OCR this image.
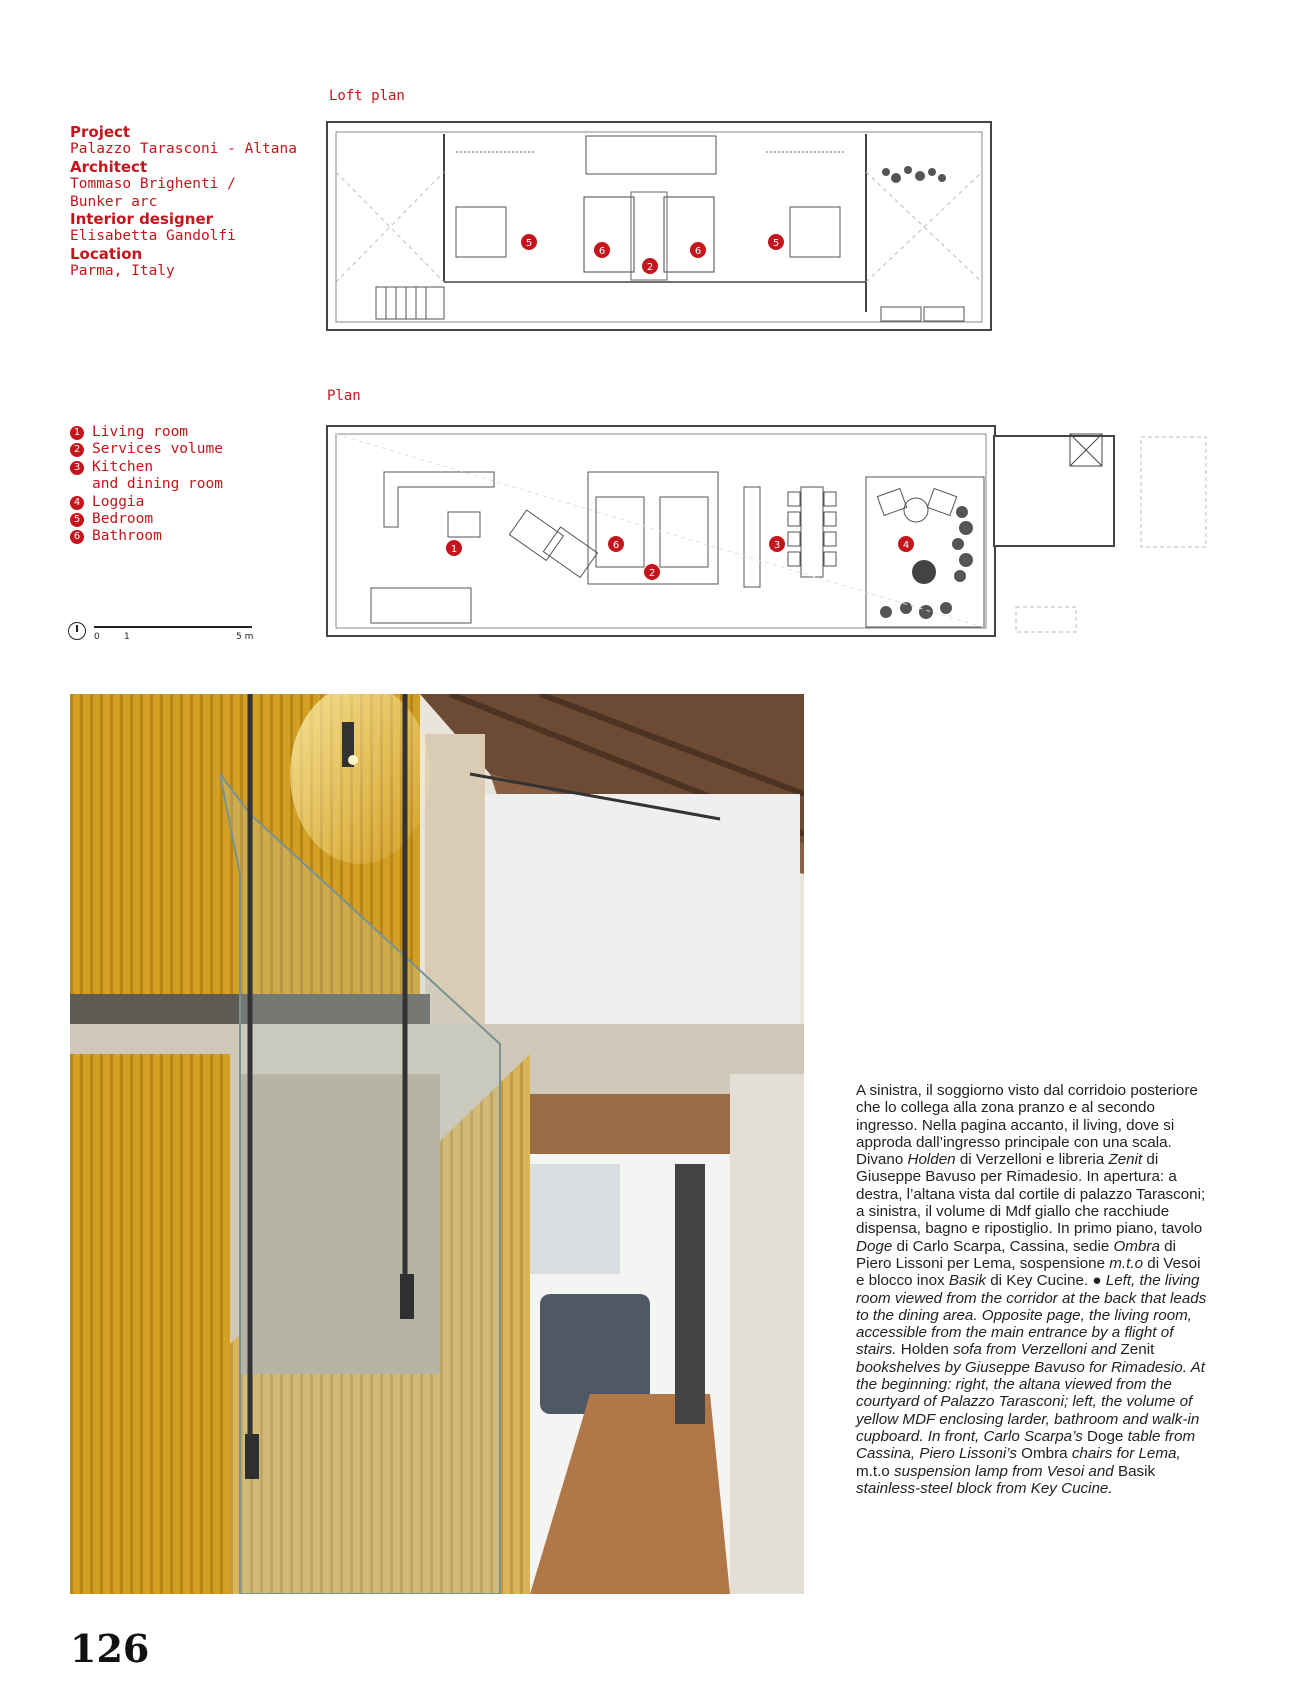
Project
Palazzo Tarasconi - Altana
Architect
Tommaso Brighenti /
Bunker arc
Interior designer
Elisabetta Gandolfi
Location
Parma, Italy
Loft plan
5
6
2
6
5
1 Living room
2 Services volume
3 Kitchen
and dining room
4 Loggia
5 Bedroom
6 Bathroom
0	1	5 m
Plan
1	6
2
3	4
A sinistra, il soggiorno visto dal corridoio posteriore che lo collega alla zona pranzo e al secondo ingresso. Nella pagina accanto, il living, dove si approda dall’ingresso principale con una scala. Divano Holden di Verzelloni e libreria Zenit di Giuseppe Bavuso per Rimadesio. In apertura: a destra, l’altana vista dal cortile di palazzo Tarasconi; a sinistra, il volume di Mdf giallo che racchiude dispensa, bagno e ripostiglio. In primo piano, tavolo Doge di Carlo Scarpa, Cassina, sedie Ombra di Piero Lissoni per Lema, sospensione m.t.o di Vesoi e blocco inox Basik di Key Cucine. ● Left, the living room viewed from the corridor at the back that leads to the dining area. Opposite page, the living room, accessible from the main entrance by a flight of stairs. Holden sofa from Verzelloni and Zenit bookshelves by Giuseppe Bavuso for Rimadesio. At the beginning: right, the altana viewed from the courtyard of Palazzo Tarasconi; left, the volume of yellow MDF enclosing larder, bathroom and walk-in cupboard. In front, Carlo Scarpa’s Doge table from Cassina, Piero Lissoni’s Ombra chairs for Lema, m.t.o suspension lamp from Vesoi and Basik stainless-steel block from Key Cucine.
126
